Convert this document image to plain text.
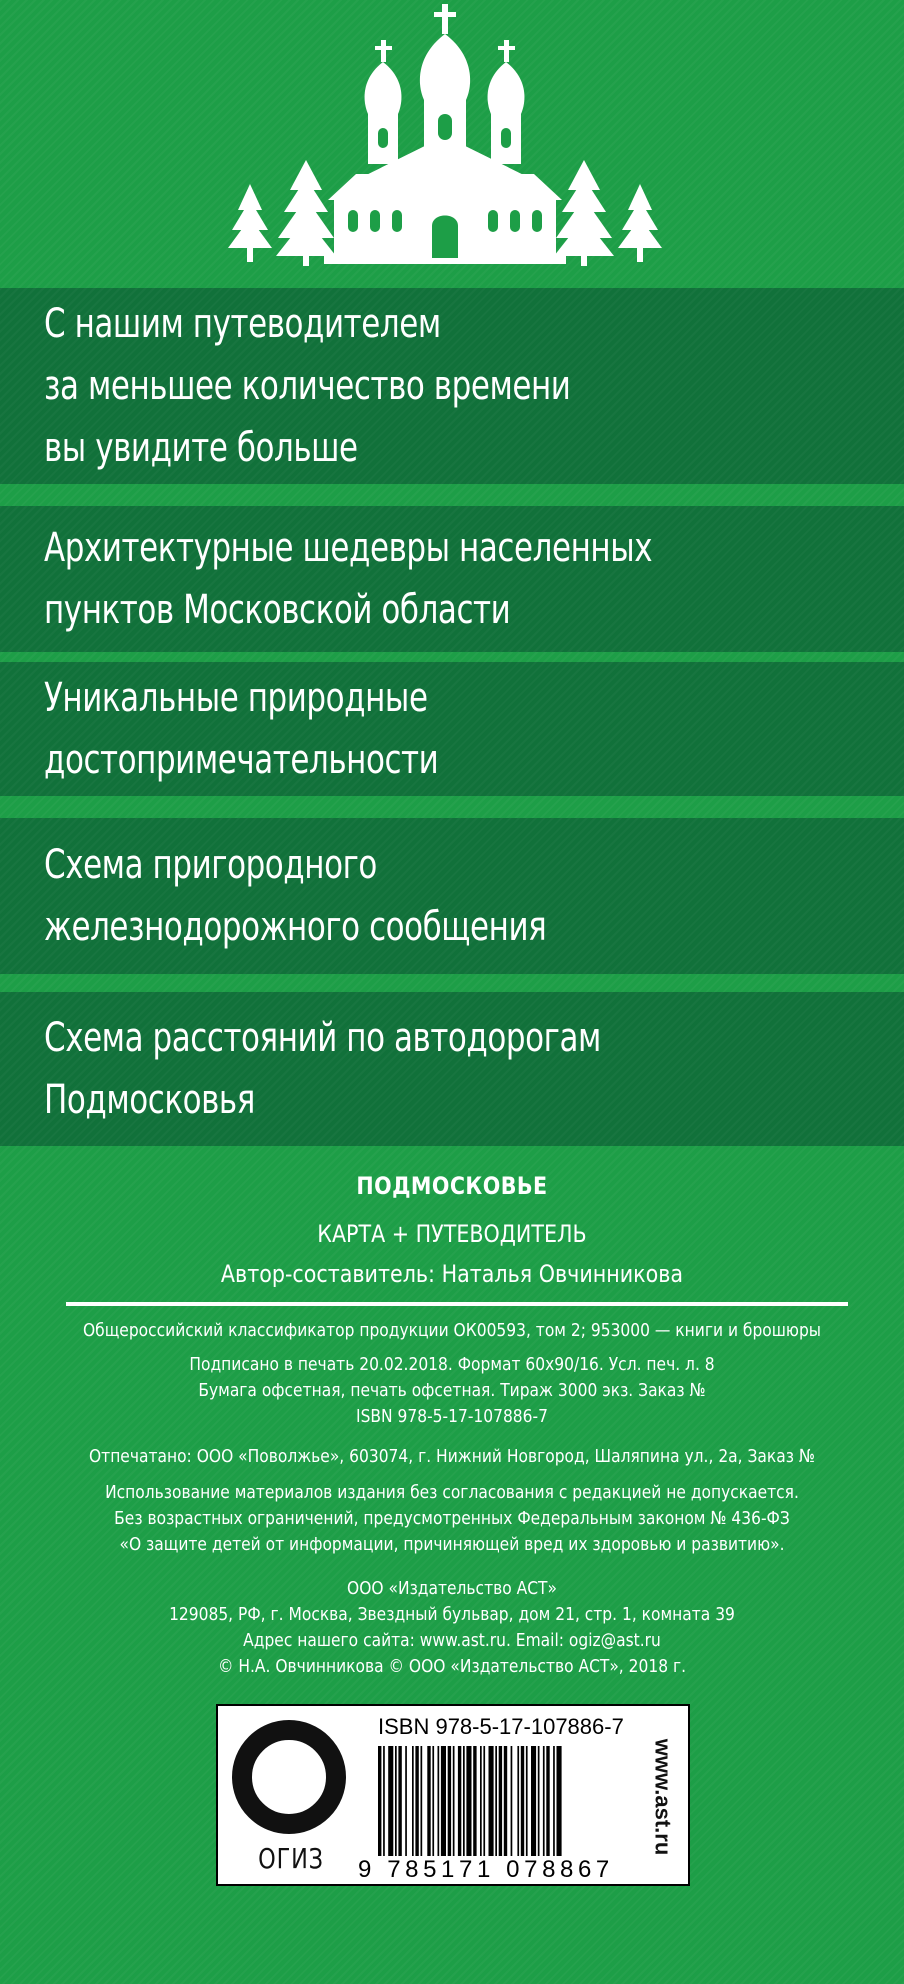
С нашим путеводителем
за меньшее количество времени
вы увидите больше
Архитектурные шедевры населенных
пунктов Московской области
Уникальные природные
достопримечательности
Схема пригородного
железнодорожного сообщения
Схема расстояний по автодорогам
Подмосковья
ПОДМОСКОВЬЕ
КАРТА + ПУТЕВОДИТЕЛЬ
Автор-составитель: Наталья Овчинникова
Общероссийский классификатор продукции ОК00593, том 2; 953000 — книги и брошюры
Подписано в печать 20.02.2018. Формат 60х90/16. Усл. печ. л. 8
Бумага офсетная, печать офсетная. Тираж 3000 экз. Заказ №
ISBN 978-5-17-107886-7
Отпечатано: ООО «Поволжье», 603074, г. Нижний Новгород, Шаляпина ул., 2а, Заказ №
Использование материалов издания без согласования с редакцией не допускается.
Без возрастных ограничений, предусмотренных Федеральным законом № 436-ФЗ
«О защите детей от информации, причиняющей вред их здоровью и развитию».
ООО «Издательство АСТ»
129085, РФ, г. Москва, Звездный бульвар, дом 21, стр. 1, комната 39
Адрес нашего сайта: www.ast.ru. Email: ogiz@ast.ru
© Н.А. Овчинникова © ООО «Издательство АСТ», 2018 г.
ОГИЗ
ISBN 978-5-17-107886-7
9 785171 078867
www.ast.ru
